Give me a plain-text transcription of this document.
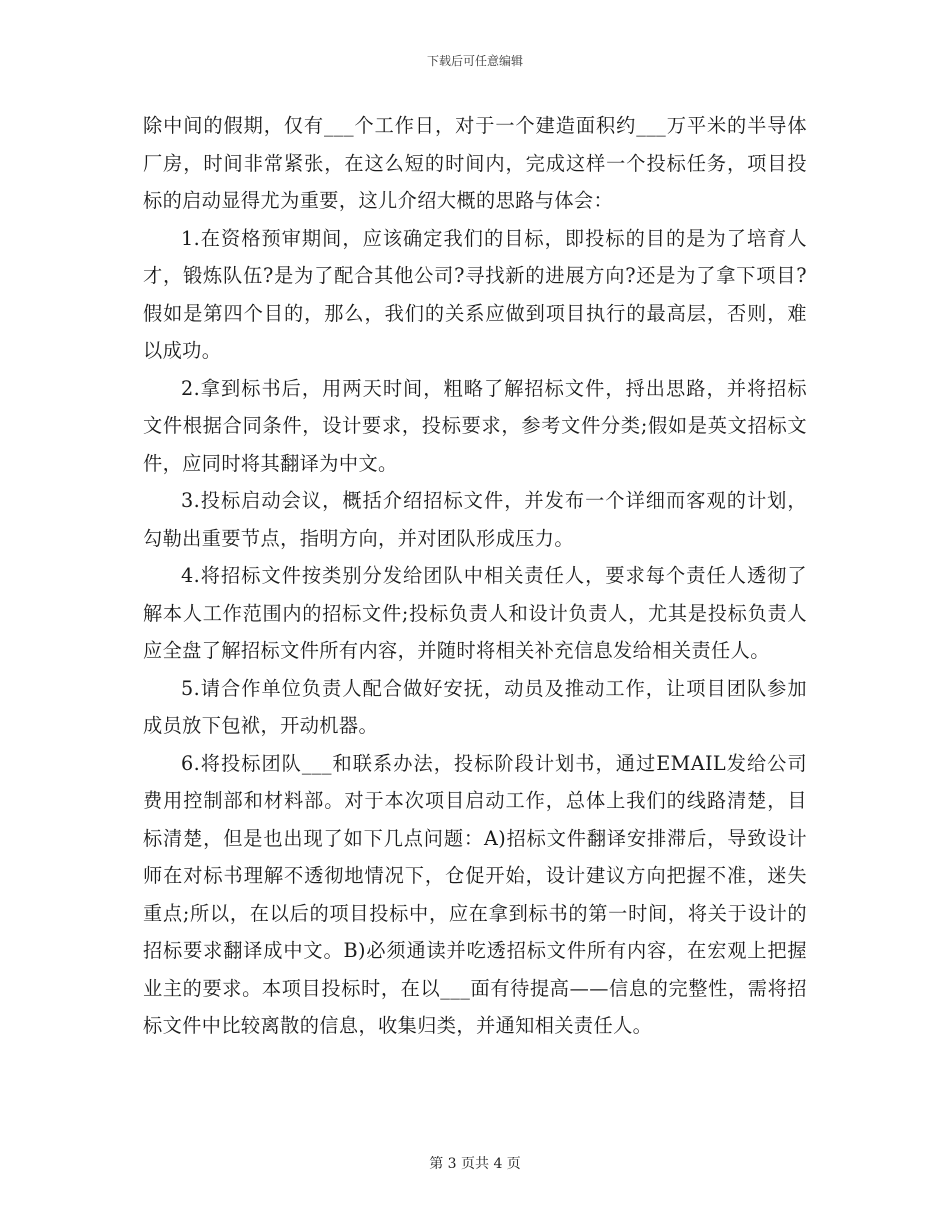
下载后可任意编辑

除中间的假期，仅有___个工作日，对于一个建造面积约___万平米的半导体厂房，时间非常紧张，在这么短的时间内，完成这样一个投标任务，项目投标的启动显得尤为重要，这儿介绍大概的思路与体会：

1.在资格预审期间，应该确定我们的目标，即投标的目的是为了培育人才，锻炼队伍?是为了配合其他公司?寻找新的进展方向?还是为了拿下项目?假如是第四个目的，那么，我们的关系应做到项目执行的最高层，否则，难以成功。

2.拿到标书后，用两天时间，粗略了解招标文件，捋出思路，并将招标文件根据合同条件，设计要求，投标要求，参考文件分类;假如是英文招标文件，应同时将其翻译为中文。

3.投标启动会议，概括介绍招标文件，并发布一个详细而客观的计划，勾勒出重要节点，指明方向，并对团队形成压力。

4.将招标文件按类别分发给团队中相关责任人，要求每个责任人透彻了解本人工作范围内的招标文件;投标负责人和设计负责人，尤其是投标负责人应全盘了解招标文件所有内容，并随时将相关补充信息发给相关责任人。

5.请合作单位负责人配合做好安抚，动员及推动工作，让项目团队参加成员放下包袱，开动机器。

6.将投标团队___和联系办法，投标阶段计划书，通过EMAIL发给公司费用控制部和材料部。对于本次项目启动工作，总体上我们的线路清楚，目标清楚，但是也出现了如下几点问题：A)招标文件翻译安排滞后，导致设计师在对标书理解不透彻地情况下，仓促开始，设计建议方向把握不准，迷失重点;所以，在以后的项目投标中，应在拿到标书的第一时间，将关于设计的招标要求翻译成中文。B)必须通读并吃透招标文件所有内容，在宏观上把握业主的要求。本项目投标时，在以___面有待提高——信息的完整性，需将招标文件中比较离散的信息，收集归类，并通知相关责任人。

第 3 页共 4 页
